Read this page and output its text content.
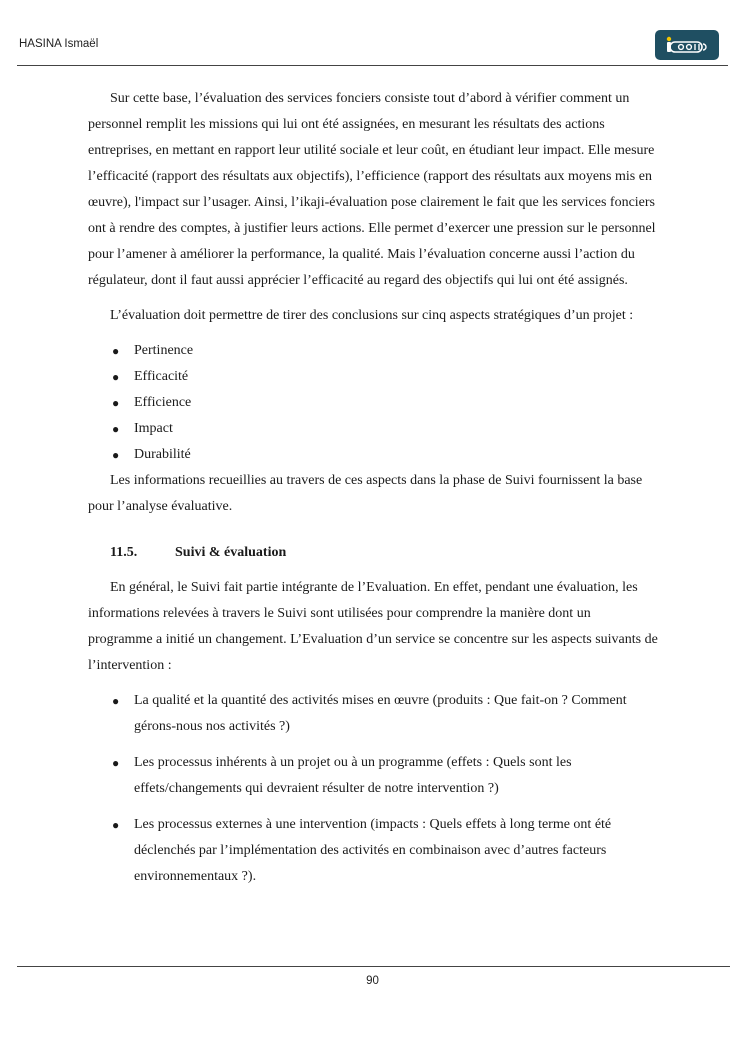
HASINA Ismaël

Sur cette base, l’évaluation des services fonciers consiste tout d’abord à vérifier comment un personnel remplit les missions qui lui ont été assignées, en mesurant les résultats des actions entreprises, en mettant en rapport leur utilité sociale et leur coût, en étudiant leur impact. Elle mesure l’efficacité (rapport des résultats aux objectifs), l’efficience (rapport des résultats aux moyens mis en œuvre), l'impact sur l’usager. Ainsi, l’ikaji-évaluation pose clairement le fait que les services fonciers ont à rendre des comptes, à justifier leurs actions. Elle permet d’exercer une pression sur le personnel pour l’amener à améliorer la performance, la qualité. Mais l’évaluation concerne aussi l’action du régulateur, dont il faut aussi apprécier l’efficacité au regard des objectifs qui lui ont été assignés.

L’évaluation doit permettre de tirer des conclusions sur cinq aspects stratégiques d’un projet :

● Pertinence
● Efficacité
● Efficience
● Impact
● Durabilité

Les informations recueillies au travers de ces aspects dans la phase de Suivi fournissent la base pour l’analyse évaluative.

11.5.	Suivi & évaluation

En général, le Suivi fait partie intégrante de l’Evaluation. En effet, pendant une évaluation, les informations relevées à travers le Suivi sont utilisées pour comprendre la manière dont un programme a initié un changement. L’Evaluation d’un service se concentre sur les aspects suivants de l’intervention :

● La qualité et la quantité des activités mises en œuvre (produits : Que fait-on ? Comment gérons-nous nos activités ?)
● Les processus inhérents à un projet ou à un programme (effets : Quels sont les effets/changements qui devraient résulter de notre intervention ?)
● Les processus externes à une intervention (impacts : Quels effets à long terme ont été déclenchés par l’implémentation des activités en combinaison avec d’autres facteurs environnementaux ?).
90
